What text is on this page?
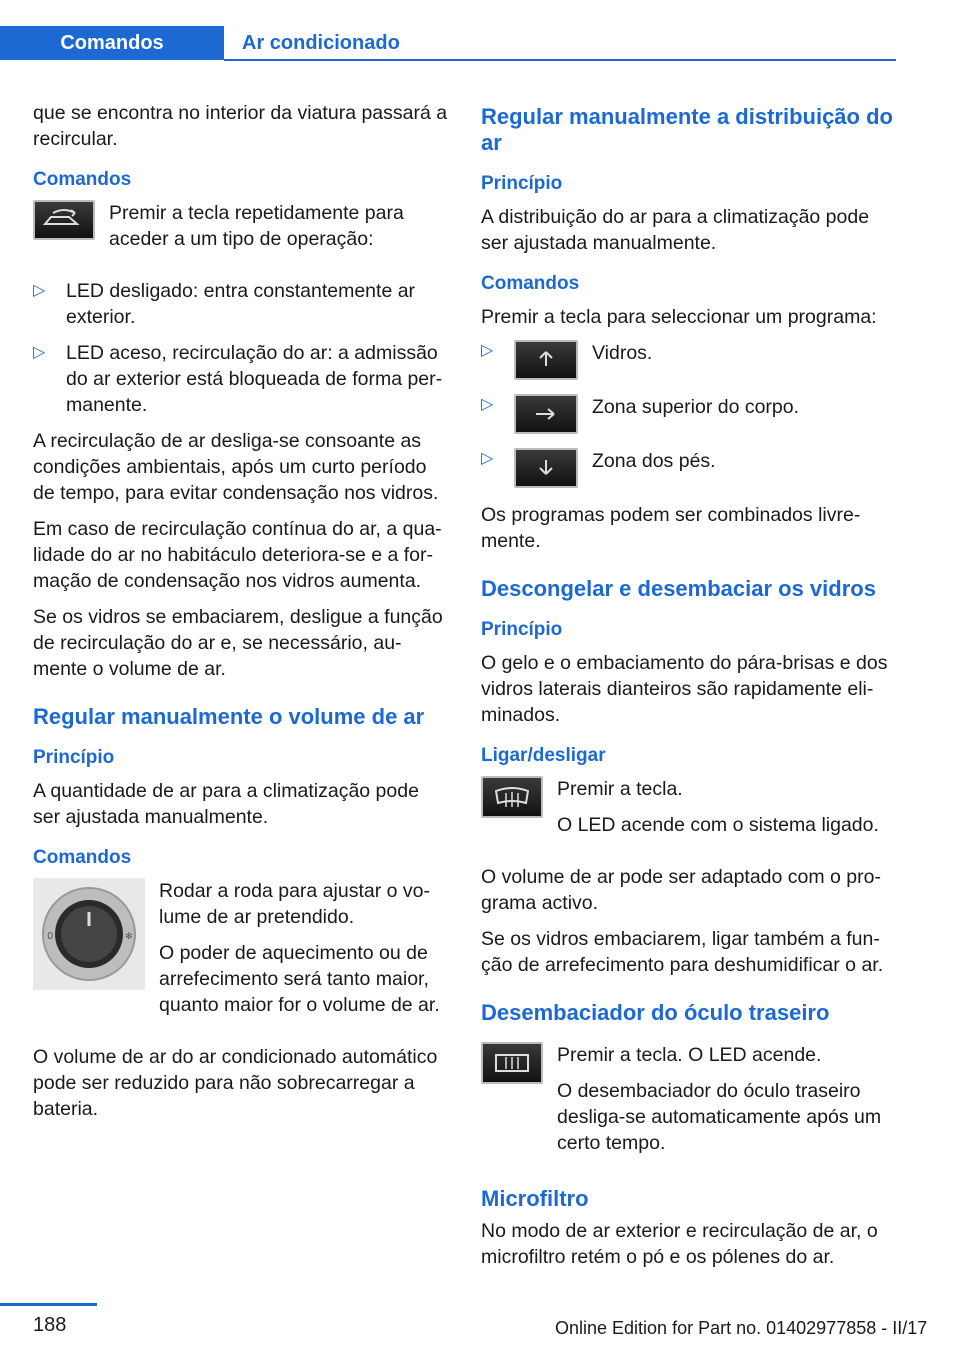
Comandos	Ar condicionado

que se encontra no interior da viatura passará a recircular.

Comandos

Premir a tecla repetidamente para aceder a um tipo de operação:

▷ LED desligado: entra constantemente ar exterior.
▷ LED aceso, recirculação do ar: a admissão do ar exterior está bloqueada de forma per-manente.

A recirculação de ar desliga-se consoante as condições ambientais, após um curto período de tempo, para evitar condensação nos vidros.

Em caso de recirculação contínua do ar, a qua-lidade do ar no habitáculo deteriora-se e a for-mação de condensação nos vidros aumenta.

Se os vidros se embaciarem, desligue a função de recirculação do ar e, se necessário, au-mente o volume de ar.

Regular manualmente o volume de ar
Princípio

A quantidade de ar para a climatização pode ser ajustada manualmente.

Comandos
0	✻

Rodar a roda para ajustar o vo-lume de ar pretendido.

O poder de aquecimento ou de arrefecimento será tanto maior, quanto maior for o volume de ar.

O volume de ar do ar condicionado automático pode ser reduzido para não sobrecarregar a bateria.

Regular manualmente a distribuição do ar
Princípio

A distribuição do ar para a climatização pode ser ajustada manualmente.

Comandos

Premir a tecla para seleccionar um programa:

▷	Vidros.
▷	Zona superior do corpo.
▷	Zona dos pés.

Os programas podem ser combinados livre-mente.

Descongelar e desembaciar os vidros
Princípio

O gelo e o embaciamento do pára-brisas e dos vidros laterais dianteiros são rapidamente eli-minados.

Ligar/desligar

Premir a tecla.

O LED acende com o sistema ligado.

O volume de ar pode ser adaptado com o pro-grama activo.

Se os vidros embaciarem, ligar também a fun-ção de arrefecimento para deshumidificar o ar.

Desembaciador do óculo traseiro

Premir a tecla. O LED acende.

O desembaciador do óculo traseiro desliga-se automaticamente após um certo tempo.

Microfiltro

No modo de ar exterior e recirculação de ar, o microfiltro retém o pó e os pólenes do ar.

188	Online Edition for Part no. 01402977858 - II/17
